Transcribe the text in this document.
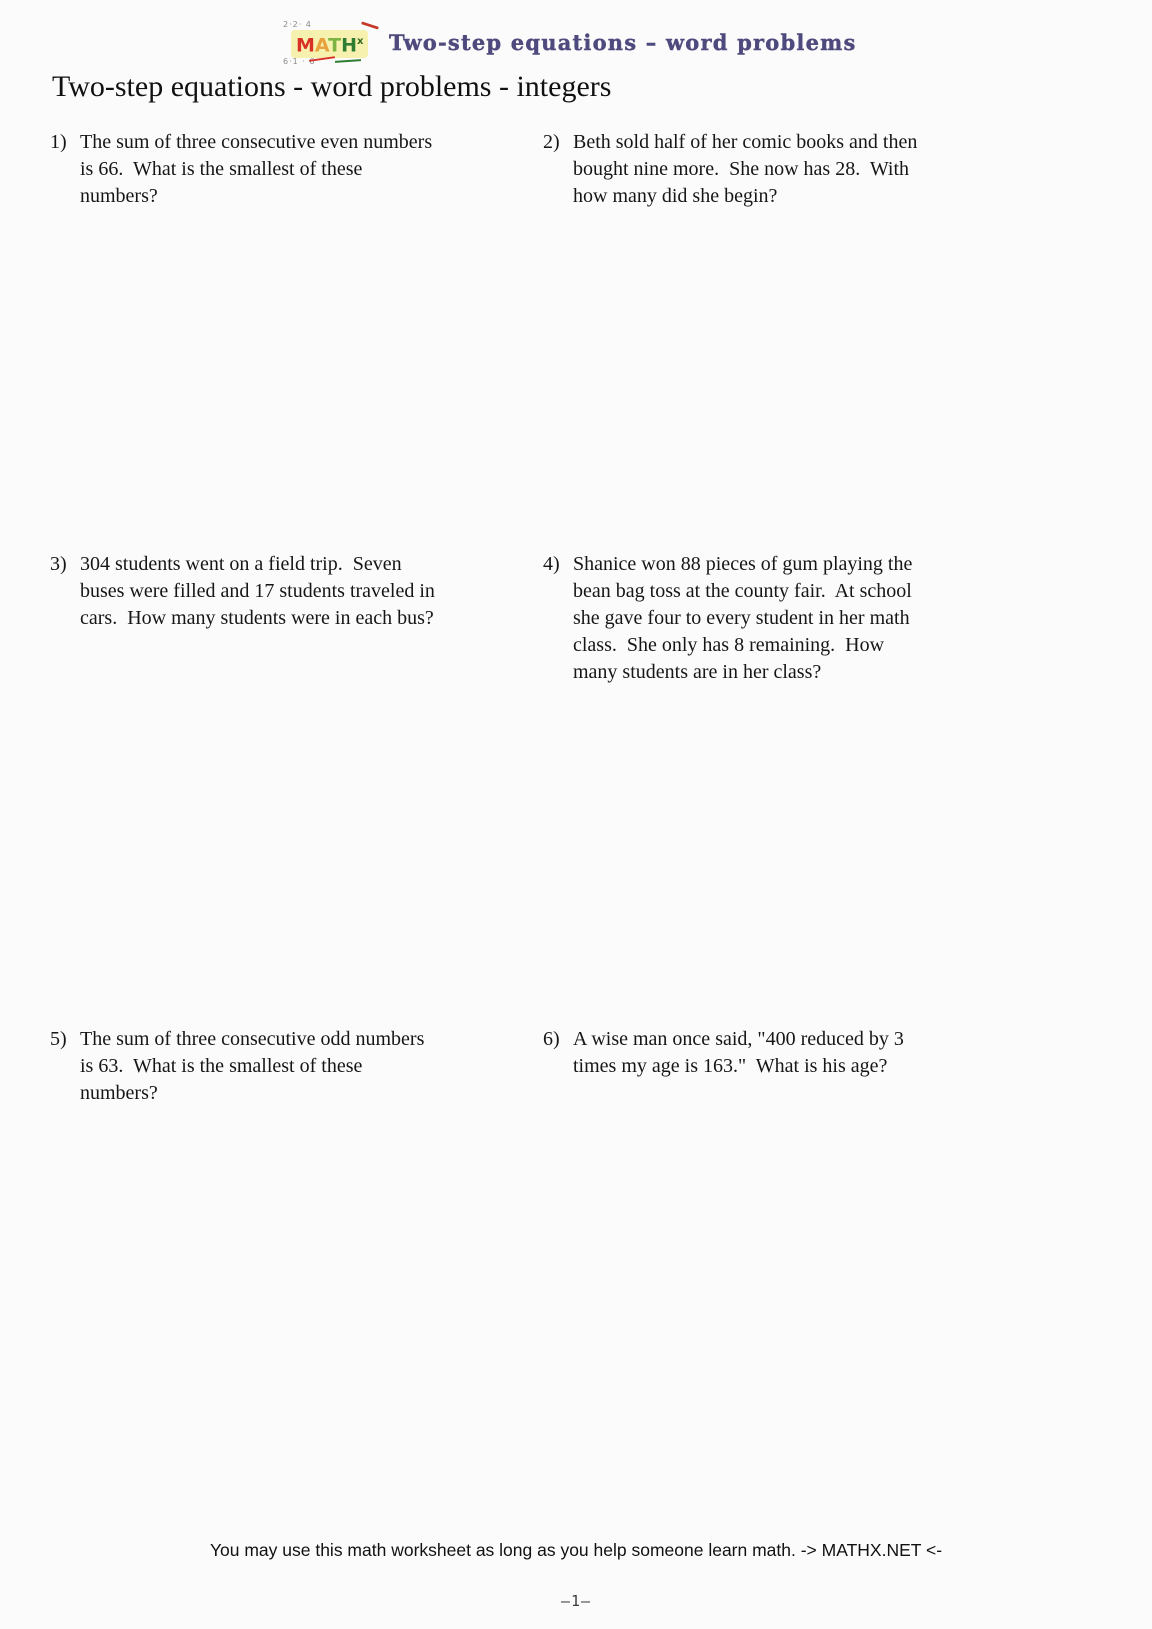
2·2· 4
MATH$^x$
6·1 · 6
Two-step equations – word problems
Two-step equations - word problems - integers
1) The sum of three consecutive even numbers
is 66.  What is the smallest of these
numbers?
2) Beth sold half of her comic books and then
bought nine more.  She now has 28.  With
how many did she begin?
3) 304 students went on a field trip.  Seven
buses were filled and 17 students traveled in
cars.  How many students were in each bus?
4) Shanice won 88 pieces of gum playing the
bean bag toss at the county fair.  At school
she gave four to every student in her math
class.  She only has 8 remaining.  How
many students are in her class?
5) The sum of three consecutive odd numbers
is 63.  What is the smallest of these
numbers?
6) A wise man once said, "400 reduced by 3
times my age is 163."  What is his age?
You may use this math worksheet as long as you help someone learn math. -> MATHX.NET <-
–1–
